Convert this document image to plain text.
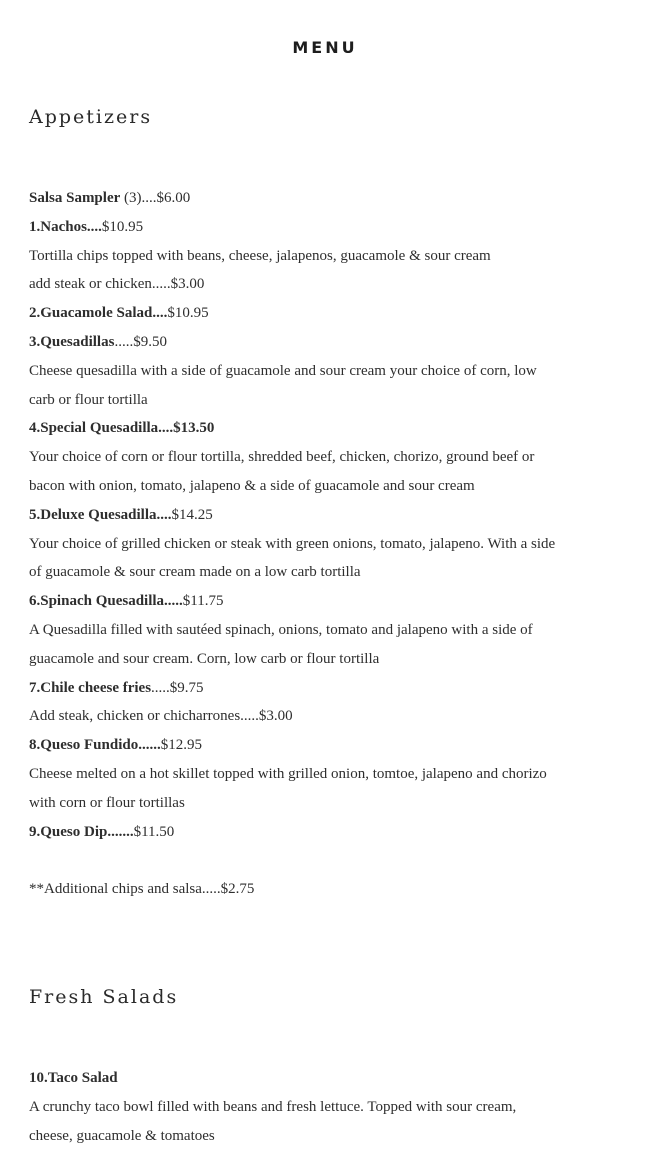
MENU
Appetizers
Salsa Sampler (3)....$6.00
1.Nachos....$10.95
Tortilla chips topped with beans, cheese, jalapenos, guacamole & sour cream
add steak or chicken.....$3.00
2.Guacamole Salad....$10.95
3.Quesadillas.....$9.50
Cheese quesadilla with a side of guacamole and sour cream your choice of corn, low
carb or flour tortilla
4.Special Quesadilla....$13.50
Your choice of corn or flour tortilla, shredded beef, chicken, chorizo, ground beef or
bacon with onion, tomato, jalapeno & a side of guacamole and sour cream
5.Deluxe Quesadilla....$14.25
Your choice of grilled chicken or steak with green onions, tomato, jalapeno. With a side
of guacamole & sour cream made on a low carb tortilla
6.Spinach Quesadilla.....$11.75
A Quesadilla filled with sautéed spinach, onions, tomato and jalapeno with a side of
guacamole and sour cream. Corn, low carb or flour tortilla
7.Chile cheese fries.....$9.75
Add steak, chicken or chicharrones.....$3.00
8.Queso Fundido......$12.95
Cheese melted on a hot skillet topped with grilled onion, tomtoe, jalapeno and chorizo
with corn or flour tortillas
9.Queso Dip.......$11.50
**Additional chips and salsa.....$2.75
Fresh Salads
10.Taco Salad
A crunchy taco bowl filled with beans and fresh lettuce. Topped with sour cream,
cheese, guacamole & tomatoes
